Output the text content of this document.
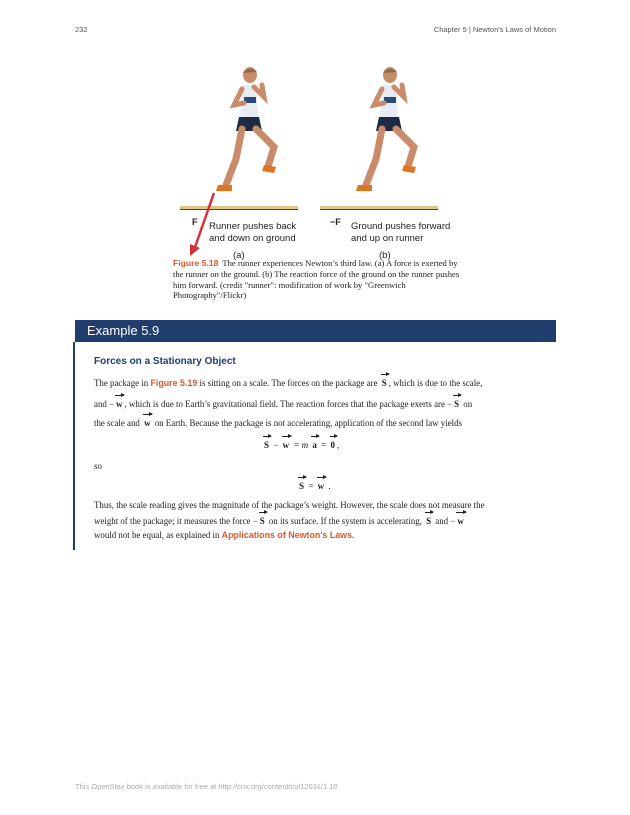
232	Chapter 5 | Newton's Laws of Motion
F Runner pushes back
and down on ground
(a)
−F Ground pushes forward
and up on runner
(b)
Figure 5.18 The runner experiences Newton’s third law. (a) A force is exerted by the runner on the ground. (b) The reaction force of the ground on the runner pushes him forward. (credit "runner": modification of work by "Greenwich Photography"/Flickr)
Example 5.9
Forces on a Stationary Object
The package in Figure 5.19 is sitting on a scale. The forces on the package are S , which is due to the scale,
and − w , which is due to Earth’s gravitational field. The reaction forces that the package exerts are − S on
the scale and w on Earth. Because the package is not accelerating, application of the second law yields
S − w = m a = 0 ,
so
S = w .
Thus, the scale reading gives the magnitude of the package’s weight. However, the scale does not measure the
weight of the package; it measures the force − S on its surface. If the system is accelerating, S and − w
would not be equal, as explained in Applications of Newton’s Laws.
This OpenStax book is available for free at http://cnx.org/content/col12031/1.10
